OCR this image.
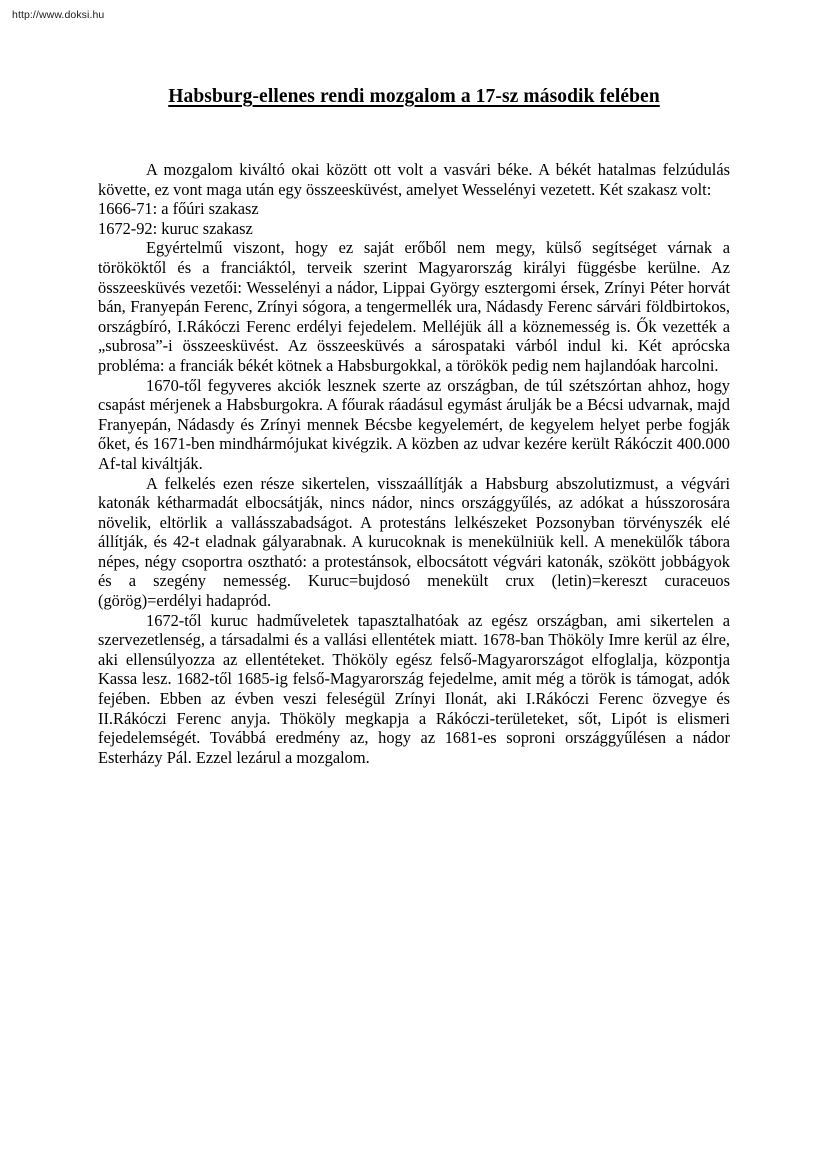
http://www.doksi.hu
Habsburg-ellenes rendi mozgalom a 17-sz második felében

A mozgalom kiváltó okai között ott volt a vasvári béke. A békét hatalmas felzúdulás követte, ez vont maga után egy összeesküvést, amelyet Wesselényi vezetett. Két szakasz volt:

1666-71: a főúri szakasz

1672-92: kuruc szakasz

Egyértelmű viszont, hogy ez saját erőből nem megy, külső segítséget várnak a törököktől és a franciáktól, terveik szerint Magyarország királyi függésbe kerülne. Az összeesküvés vezetői: Wesselényi a nádor, Lippai György esztergomi érsek, Zrínyi Péter horvát bán, Franyepán Ferenc, Zrínyi sógora, a tengermellék ura, Nádasdy Ferenc sárvári földbirtokos, országbíró, I.Rákóczi Ferenc erdélyi fejedelem. Melléjük áll a köznemesség is. Ők vezették a „subrosa”-i összeesküvést. Az összeesküvés a sárospataki várból indul ki. Két aprócska probléma: a franciák békét kötnek a Habsburgokkal, a törökök pedig nem hajlandóak harcolni.

1670-től fegyveres akciók lesznek szerte az országban, de túl szétszórtan ahhoz, hogy csapást mérjenek a Habsburgokra. A főurak ráadásul egymást árulják be a Bécsi udvarnak, majd Franyepán, Nádasdy és Zrínyi mennek Bécsbe kegyelemért, de kegyelem helyet perbe fogják őket, és 1671-ben mindhármójukat kivégzik. A közben az udvar kezére került Rákóczit 400.000 Af-tal kiváltják.

A felkelés ezen része sikertelen, visszaállítják a Habsburg abszolutizmust, a végvári katonák kétharmadát elbocsátják, nincs nádor, nincs országgyűlés, az adókat a hússzorosára növelik, eltörlik a vallásszabadságot. A protestáns lelkészeket Pozsonyban törvényszék elé állítják, és 42-t eladnak gályarabnak. A kurucoknak is menekülniük kell. A menekülők tábora népes, négy csoportra osztható: a protestánsok, elbocsátott végvári katonák, szökött jobbágyok és a szegény nemesség. Kuruc=bujdosó menekült crux (letin)=kereszt curaceuos (görög)=erdélyi hadapród.

1672-től kuruc hadműveletek tapasztalhatóak az egész országban, ami sikertelen a szervezetlenség, a társadalmi és a vallási ellentétek miatt. 1678-ban Thököly Imre kerül az élre, aki ellensúlyozza az ellentéteket. Thököly egész felső-Magyarországot elfoglalja, központja Kassa lesz. 1682-től 1685-ig felső-Magyarország fejedelme, amit még a török is támogat, adók fejében. Ebben az évben veszi feleségül Zrínyi Ilonát, aki I.Rákóczi Ferenc özvegye és II.Rákóczi Ferenc anyja. Thököly megkapja a Rákóczi-területeket, sőt, Lipót is elismeri fejedelemségét. Továbbá eredmény az, hogy az 1681-es soproni országgyűlésen a nádor Esterházy Pál. Ezzel lezárul a mozgalom.
